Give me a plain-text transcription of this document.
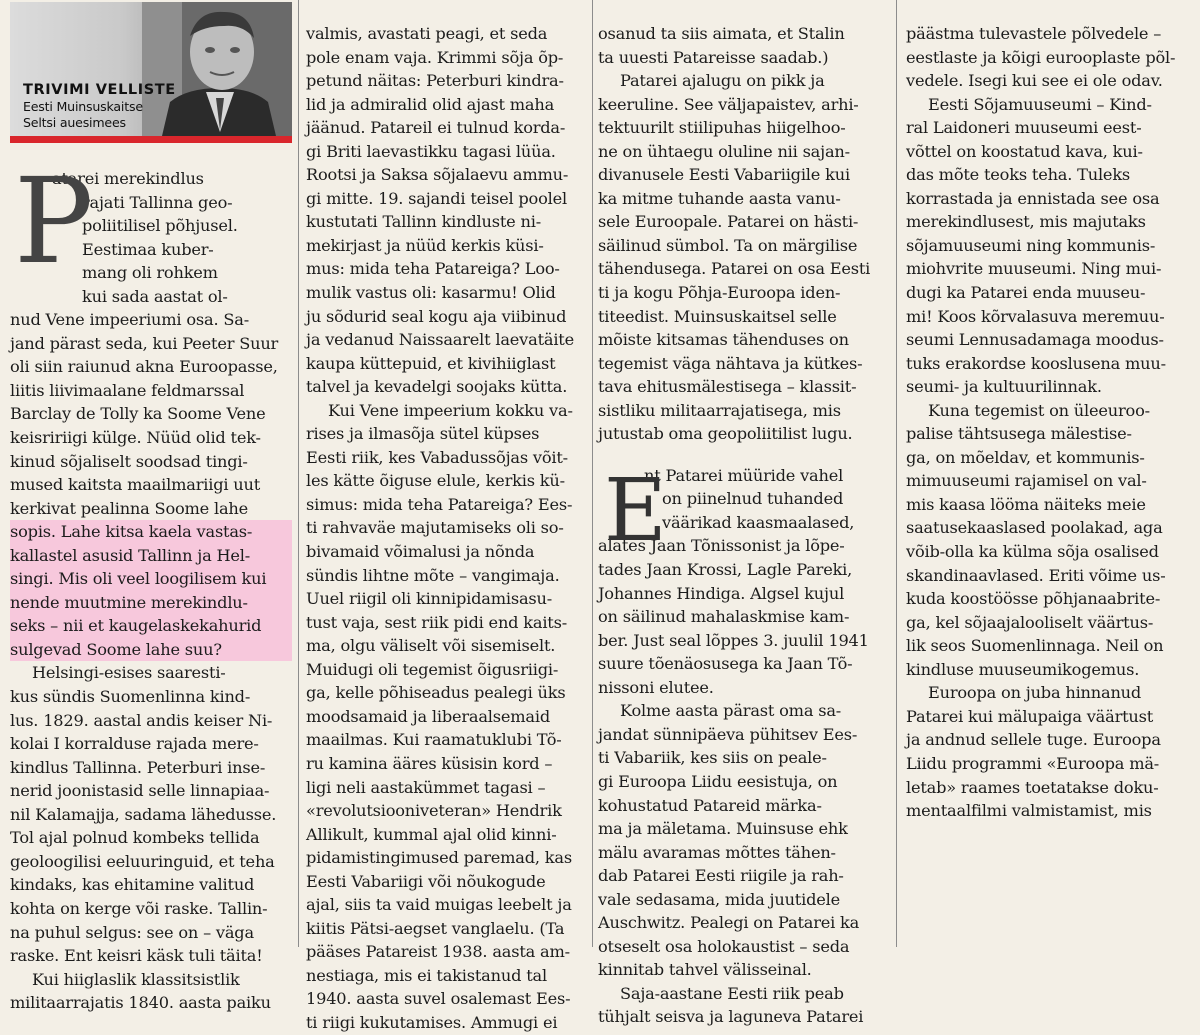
TRIVIMI VELLISTE
Eesti Muinsuskaitse
Seltsi auesimees
P
atarei merekindlus
rajati Tallinna geo-
poliitilisel põhjusel.
Eestimaa kuber-
mang oli rohkem
kui sada aastat ol-
nud Vene impeeriumi osa. Sa-
jand pärast seda, kui Peeter Suur
oli siin raiunud akna Euroopasse,
liitis liivimaalane feldmarssal
Barclay de Tolly ka Soome Vene
keisririigi külge. Nüüd olid tek-
kinud sõjaliselt soodsad tingi-
mused kaitsta maailmariigi uut
kerkivat pealinna Soome lahe
sopis. Lahe kitsa kaela vastas-
kallastel asusid Tallinn ja Hel-
singi. Mis oli veel loogilisem kui
nende muutmine merekindlu-
seks – nii et kaugelaskekahurid
sulgevad Soome lahe suu?
Helsingi-esises saaresti-
kus sündis Suomenlinna kind-
lus. 1829. aastal andis keiser Ni-
kolai I korralduse rajada mere-
kindlus Tallinna. Peterburi inse-
nerid joonistasid selle linnapiaa-
nil Kalamajja, sadama lähedusse.
Tol ajal polnud kombeks tellida
geoloogilisi eeluuringuid, et teha
kindaks, kas ehitamine valitud
kohta on kerge või raske. Tallin-
na puhul selgus: see on – väga
raske. Ent keisri käsk tuli täita!
Kui hiiglaslik klassitsistlik
militaarrajatis 1840. aasta paiku
valmis, avastati peagi, et seda
pole enam vaja. Krimmi sõja õp-
petund näitas: Peterburi kindra-
lid ja admiralid olid ajast maha
jäänud. Patareil ei tulnud korda-
gi Briti laevastikku tagasi lüüa.
Rootsi ja Saksa sõjalaevu ammu-
gi mitte. 19. sajandi teisel poolel
kustutati Tallinn kindluste ni-
mekirjast ja nüüd kerkis küsi-
mus: mida teha Patareiga? Loo-
mulik vastus oli: kasarmu! Olid
ju sõdurid seal kogu aja viibinud
ja vedanud Naissaarelt laevatäite
kaupa küttepuid, et kivihiiglast
talvel ja kevadelgi soojaks kütta.
Kui Vene impeerium kokku va-
rises ja ilmasõja sütel küpses
Eesti riik, kes Vabadussõjas võit-
les kätte õiguse elule, kerkis kü-
simus: mida teha Patareiga? Ees-
ti rahvaväe majutamiseks oli so-
bivamaid võimalusi ja nõnda
sündis lihtne mõte – vangimaja.
Uuel riigil oli kinnipidamisasu-
tust vaja, sest riik pidi end kaits-
ma, olgu väliselt või sisemiselt.
Muidugi oli tegemist õigusriigi-
ga, kelle põhiseadus pealegi üks
moodsamaid ja liberaalsemaid
maailmas. Kui raamatuklubi Tõ-
ru kamina ääres küsisin kord –
ligi neli aastakümmet tagasi –
«revolutsiooniveteran» Hendrik
Allikult, kummal ajal olid kinni-
pidamistingimused paremad, kas
Eesti Vabariigi või nõukogude
ajal, siis ta vaid muigas leebelt ja
kiitis Pätsi-aegset vanglaelu. (Ta
pääses Patareist 1938. aasta am-
nestiaga, mis ei takistanud tal
1940. aasta suvel osalemast Ees-
ti riigi kukutamises. Ammugi ei
osanud ta siis aimata, et Stalin
ta uuesti Patareisse saadab.)
Patarei ajalugu on pikk ja
keeruline. See väljapaistev, arhi-
tektuurilt stiilipuhas hiigelhoo-
ne on ühtaegu oluline nii sajan-
divanusele Eesti Vabariigile kui
ka mitme tuhande aasta vanu-
sele Euroopale. Patarei on hästi-
säilinud sümbol. Ta on märgilise
tähendusega. Patarei on osa Eesti
ti ja kogu Põhja-Euroopa iden-
titeedist. Muinsuskaitsel selle
mõiste kitsamas tähenduses on
tegemist väga nähtava ja kütkes-
tava ehitusmälestisega – klassit-
sistliku militaarrajatisega, mis
jutustab oma geopoliitilist lugu.
E
nt Patarei müüride vahel
on piinelnud tuhanded
väärikad kaasmaalased,
alates Jaan Tõnissonist ja lõpe-
tades Jaan Krossi, Lagle Pareki,
Johannes Hindiga. Algsel kujul
on säilinud mahalaskmise kam-
ber. Just seal lõppes 3. juulil 1941
suure tõenäosusega ka Jaan Tõ-
nissoni elutee.
Kolme aasta pärast oma sa-
jandat sünnipäeva pühitsev Ees-
ti Vabariik, kes siis on peale-
gi Euroopa Liidu eesistuja, on
kohustatud Patareid märka-
ma ja mäletama. Muinsuse ehk
mälu avaramas mõttes tähen-
dab Patarei Eesti riigile ja rah-
vale sedasama, mida juutidele
Auschwitz. Pealegi on Patarei ka
otseselt osa holokaustist – seda
kinnitab tahvel välisseinal.
Saja-aastane Eesti riik peab
tühjalt seisva ja laguneva Patarei
päästma tulevastele põlvedele –
eestlaste ja kõigi eurooplaste põl-
vedele. Isegi kui see ei ole odav.
Eesti Sõjamuuseumi – Kind-
ral Laidoneri muuseumi eest-
võttel on koostatud kava, kui-
das mõte teoks teha. Tuleks
korrastada ja ennistada see osa
merekindlusest, mis majutaks
sõjamuuseumi ning kommunis-
miohvrite muuseumi. Ning mui-
dugi ka Patarei enda muuseu-
mi! Koos kõrvalasuva meremuu-
seumi Lennusadamaga moodus-
tuks erakordse kooslusena muu-
seumi- ja kultuurilinnak.
Kuna tegemist on üleeuroo-
palise tähtsusega mälestise-
ga, on mõeldav, et kommunis-
mimuuseumi rajamisel on val-
mis kaasa lööma näiteks meie
saatusekaaslased poolakad, aga
võib-olla ka külma sõja osalised
skandinaavlased. Eriti võime us-
kuda koostöösse põhjanaabrite-
ga, kel sõjaajalooliselt väärtus-
lik seos Suomenlinnaga. Neil on
kindluse muuseumikogemus.
Euroopa on juba hinnanud
Patarei kui mälupaiga väärtust
ja andnud sellele tuge. Euroopa
Liidu programmi «Euroopa mä-
letab» raames toetatakse doku-
mentaalfilmi valmistamist, mis
